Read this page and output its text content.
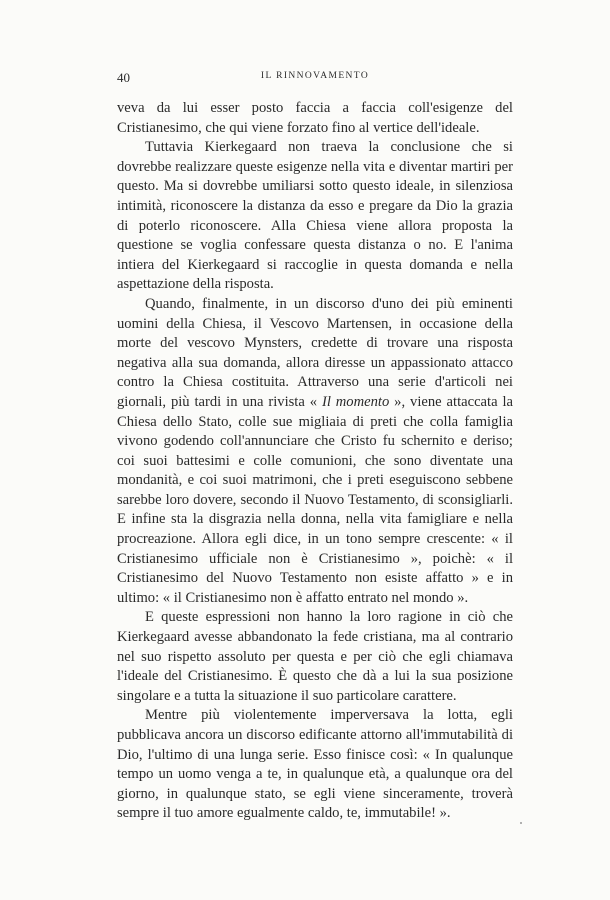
40	IL RINNOVAMENTO

veva da lui esser posto faccia a faccia coll'esigenze del Cristianesimo, che qui viene forzato fino al vertice dell'ideale.

Tuttavia Kierkegaard non traeva la conclusione che si dovrebbe realizzare queste esigenze nella vita e diventar martiri per questo. Ma si dovrebbe umiliarsi sotto questo ideale, in silenziosa intimità, riconoscere la distanza da esso e pregare da Dio la grazia di poterlo riconoscere. Alla Chiesa viene allora proposta la questione se voglia confessare questa distanza o no. E l'anima intiera del Kierkegaard si raccoglie in questa domanda e nella aspettazione della risposta.

Quando, finalmente, in un discorso d'uno dei più eminenti uomini della Chiesa, il Vescovo Martensen, in occasione della morte del vescovo Mynsters, credette di trovare una risposta negativa alla sua domanda, allora diresse un appassionato attacco contro la Chiesa costituita. Attraverso una serie d'articoli nei giornali, più tardi in una rivista « Il momento », viene attaccata la Chiesa dello Stato, colle sue migliaia di preti che colla famiglia vivono godendo coll'annunciare che Cristo fu schernito e deriso; coi suoi battesimi e colle comunioni, che sono diventate una mondanità, e coi suoi matrimoni, che i preti eseguiscono sebbene sarebbe loro dovere, secondo il Nuovo Testamento, di sconsigliarli. E infine sta la disgrazia nella donna, nella vita famigliare e nella procreazione. Allora egli dice, in un tono sempre crescente: « il Cristianesimo ufficiale non è Cristianesimo », poichè: « il Cristianesimo del Nuovo Testamento non esiste affatto » e in ultimo: « il Cristianesimo non è affatto entrato nel mondo ».

E queste espressioni non hanno la loro ragione in ciò che Kierkegaard avesse abbandonato la fede cristiana, ma al contrario nel suo rispetto assoluto per questa e per ciò che egli chiamava l'ideale del Cristianesimo. È questo che dà a lui la sua posizione singolare e a tutta la situazione il suo particolare carattere.

Mentre più violentemente imperversava la lotta, egli pubblicava ancora un discorso edificante attorno all'immutabilità di Dio, l'ultimo di una lunga serie. Esso finisce così: « In qualunque tempo un uomo venga a te, in qualunque età, a qualunque ora del giorno, in qualunque stato, se egli viene sinceramente, troverà sempre il tuo amore egualmente caldo, te, immutabile! ».
